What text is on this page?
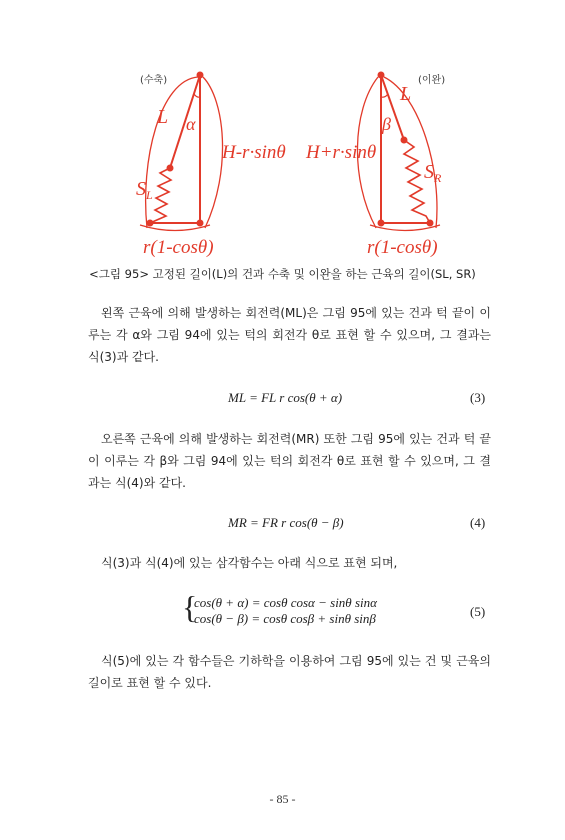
(수축)
L α
H-r·sinθ
$S_L$
r(1-cosθ)
(이완)
L
β
H+r·sinθ
$S_R$
r(1-cosθ)
<그림 95> 고정된 길이(L)의 건과 수축 및 이완을 하는 근육의 길이(SL, SR)

왼쪽 근육에 의해 발생하는 회전력(ML)은 그림 95에 있는 건과 턱 끝이 이루는 각 α와 그림 94에 있는 턱의 회전각 θ로 표현 할 수 있으며, 그 결과는 식(3)과 같다.

ML = FL r cos(θ + α)	(3)

오른쪽 근육에 의해 발생하는 회전력(MR) 또한 그림 95에 있는 건과 턱 끝이 이루는 각 β와 그림 94에 있는 턱의 회전각 θ로 표현 할 수 있으며, 그 결과는 식(4)와 같다.

MR = FR r cos(θ − β)	(4)

식(3)과 식(4)에 있는 삼각함수는 아래 식으로 표현 되며,

{
cos(θ + α) = cosθ cosα − sinθ sinα
cos(θ − β) = cosθ cosβ + sinθ sinβ	(5)

식(5)에 있는 각 함수들은 기하학을 이용하여 그림 95에 있는 건 및 근육의 길이로 표현 할 수 있다.

- 85 -
